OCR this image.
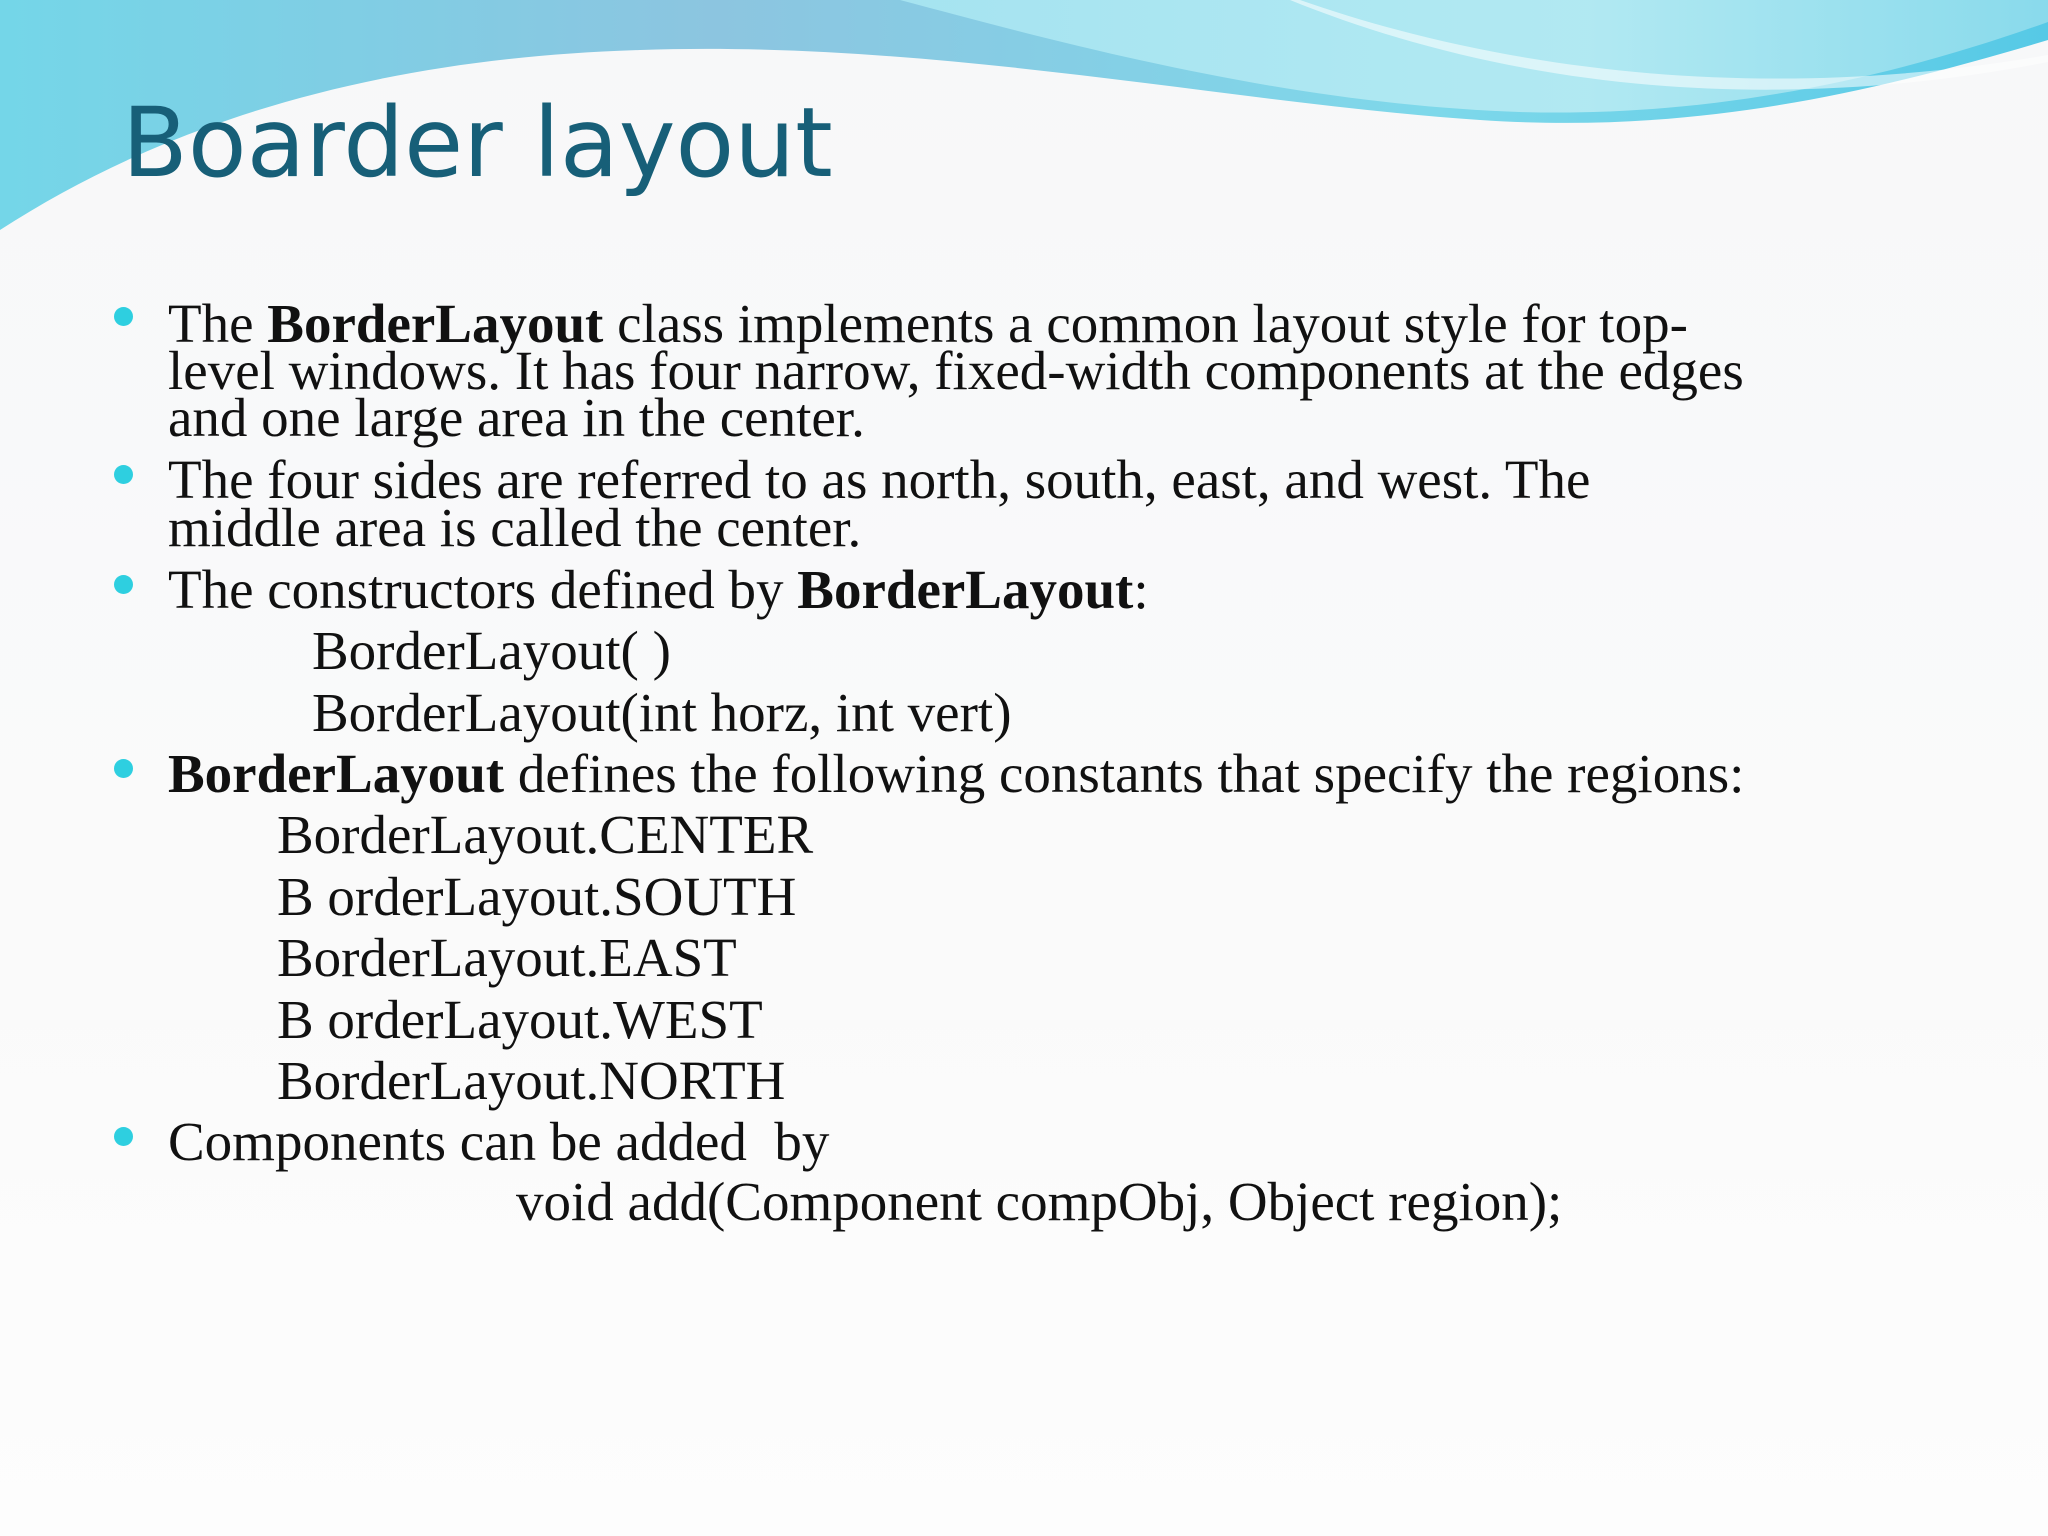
Boarder layout
The BorderLayout class implements a common layout style for top-
level windows. It has four narrow, fixed-width components at the edges
and one large area in the center.
The four sides are referred to as north, south, east, and west. The
middle area is called the center.
The constructors defined by BorderLayout:
BorderLayout( )
BorderLayout(int horz, int vert)
BorderLayout defines the following constants that specify the regions:
BorderLayout.CENTER
B orderLayout.SOUTH
BorderLayout.EAST
B orderLayout.WEST
BorderLayout.NORTH
Components can be added  by
void add(Component compObj, Object region);
